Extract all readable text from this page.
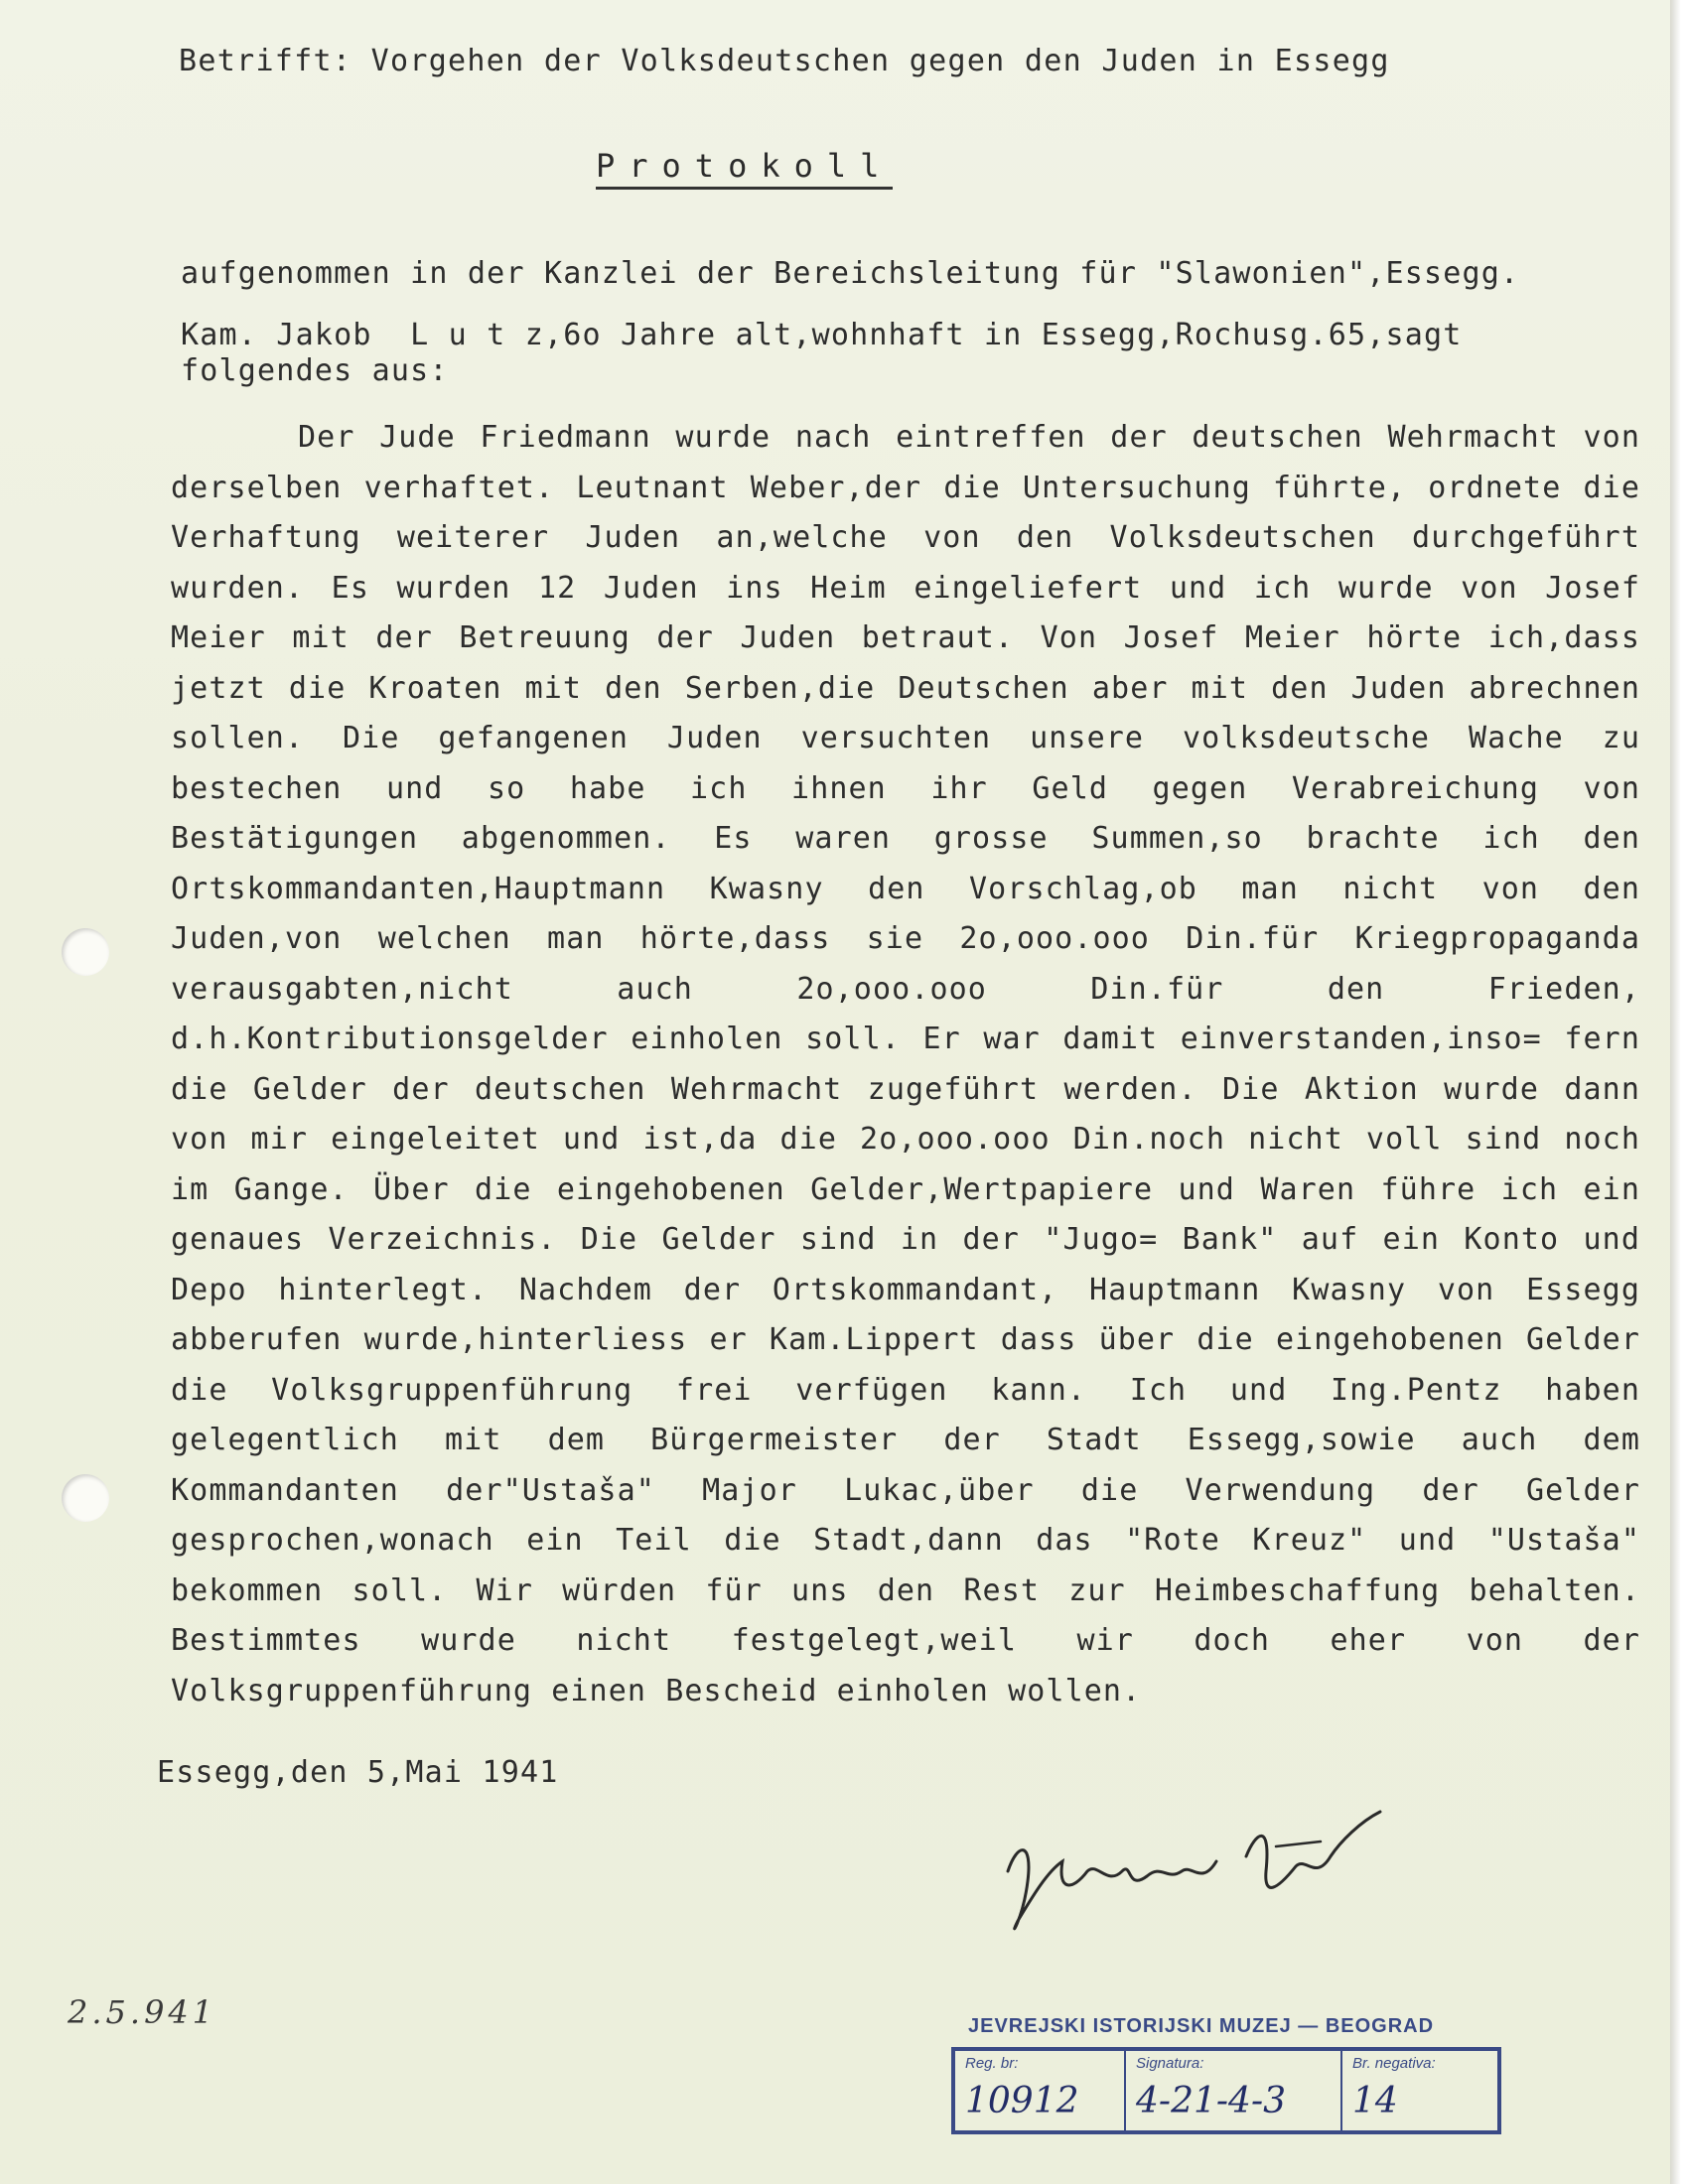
Betrifft: Vorgehen der Volksdeutschen gegen den Juden in Essegg
Protokoll
aufgenommen in der Kanzlei der Bereichsleitung für "Slawonien",Essegg.
Kam. Jakob  L u t z,6o Jahre alt,wohnhaft in Essegg,Rochusg.65,sagt
folgendes aus:
Der Jude Friedmann wurde nach eintreffen der deutschen Wehrmacht von derselben verhaftet. Leutnant Weber,der die Untersuchung führte, ordnete die Verhaftung weiterer Juden an,welche von den Volksdeutschen durchgeführt wurden. Es wurden 12 Juden ins Heim eingeliefert und ich wurde von Josef Meier mit der Betreuung der Juden betraut. Von Josef Meier hörte ich,dass jetzt die Kroaten mit den Serben,die Deutschen aber mit den Juden abrechnen sollen. Die gefangenen Juden versuchten unsere volksdeutsche Wache zu bestechen und so habe ich ihnen ihr Geld gegen Verabreichung von Bestätigungen abgenommen. Es waren grosse Summen,so brachte ich den Ortskommandanten,Hauptmann Kwasny den Vorschlag,ob man nicht von den Juden,von welchen man hörte,dass sie 2o,ooo.ooo Din.für Kriegpropaganda verausgabten,nicht auch 2o,ooo.ooo Din.für den Frieden, d.h.Kontributionsgelder einholen soll. Er war damit einverstanden,inso= fern die Gelder der deutschen Wehrmacht zugeführt werden. Die Aktion wurde dann von mir eingeleitet und ist,da die 2o,ooo.ooo Din.noch nicht voll sind noch im Gange. Über die eingehobenen Gelder,Wertpapiere und Waren führe ich ein genaues Verzeichnis. Die Gelder sind in der "Jugo= Bank" auf ein Konto und Depo hinterlegt. Nachdem der Ortskommandant, Hauptmann Kwasny von Essegg abberufen wurde,hinterliess er Kam.Lippert dass über die eingehobenen Gelder die Volksgruppenführung frei verfügen kann. Ich und Ing.Pentz haben gelegentlich mit dem Bürgermeister der Stadt Essegg,sowie auch dem Kommandanten der"Ustaša" Major Lukac,über die Verwendung der Gelder gesprochen,wonach ein Teil die Stadt,dann das "Rote Kreuz" und "Ustaša" bekommen soll. Wir würden für uns den Rest zur Heimbeschaffung behalten. Bestimmtes wurde nicht festgelegt,weil wir doch eher von der Volksgruppenführung einen Bescheid einholen wollen.
Essegg,den 5,Mai 1941
2.5.941	JEVREJSKI ISTORIJSKI MUZEJ — BEOGRAD
Reg. br:
10912
Signatura:
4-21-4-3
Br. negativa:
14
